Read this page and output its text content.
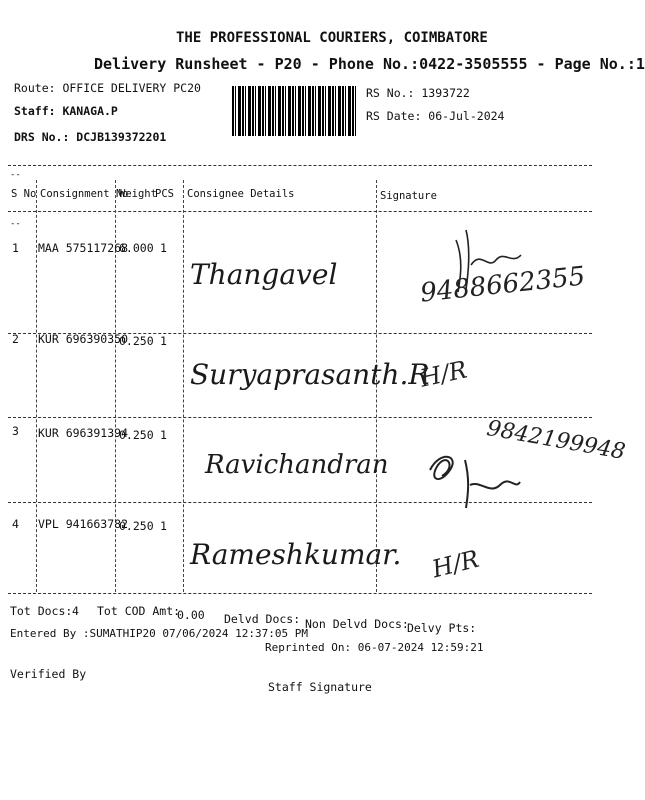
THE PROFESSIONAL COURIERS, COIMBATORE
Delivery Runsheet - P20 - Phone No.:0422-3505555 - Page No.:1
Route: OFFICE DELIVERY PC20
Staff: KANAGA.P
DRS No.: DCJB139372201
RS No.: 1393722
RS Date: 06-Jul-2024
--
S No Consignment No
Weight
PCS Consignee Details	Signature
--
1 MAA 575117268
6.000 1
Thangavel	9488662355
2 KUR 696390350
0.250 1
Suryaprasanth.R
H/R
3 KUR 696391394
0.250 1
Ravichandran
9842199948
4 VPL 941663782
0.250 1
Rameshkumar. H/R
Tot Docs: 4 Tot COD Amt:
0.00 Delvd Docs: Non Delvd Docs:
Delvy Pts:
Entered By :SUMATHIP20 07/06/2024 12:37:05 PM
Reprinted On: 06-07-2024 12:59:21
Verified By
Staff Signature
